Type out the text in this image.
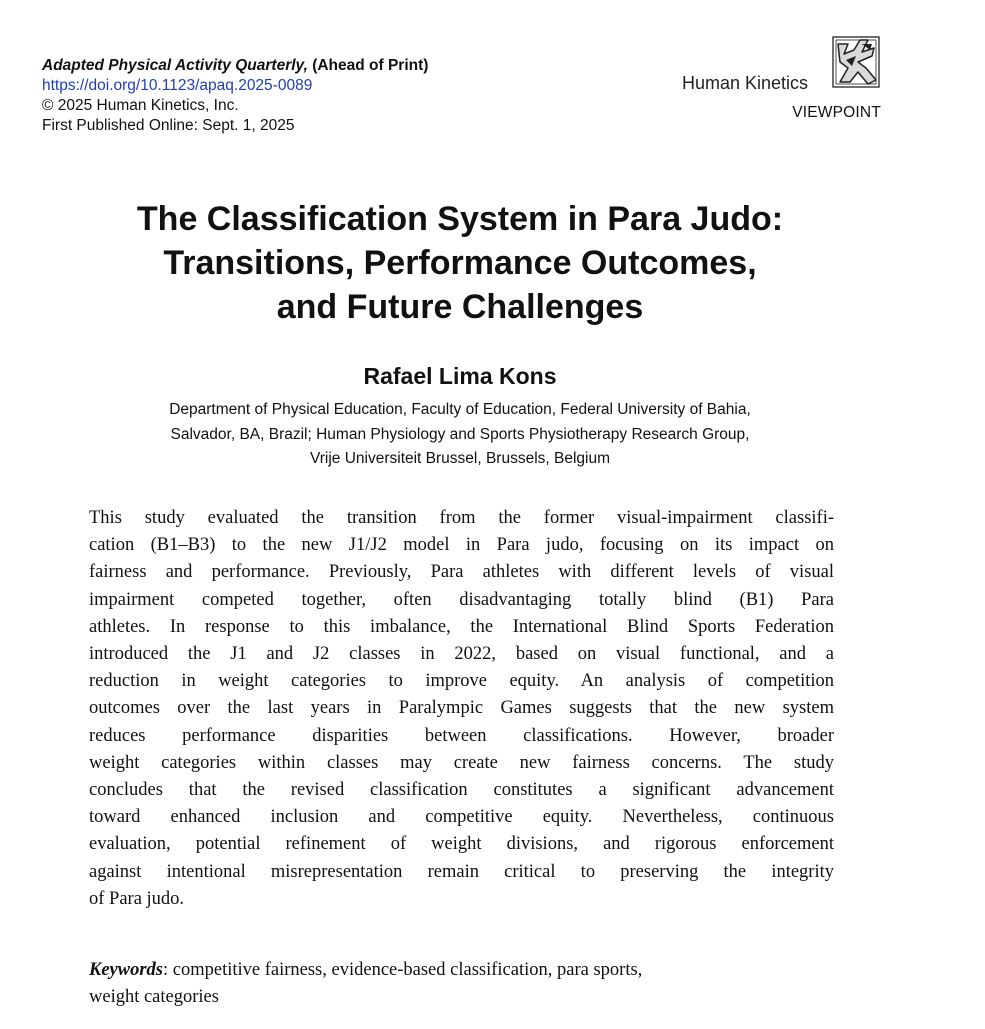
Adapted Physical Activity Quarterly, (Ahead of Print)
https://doi.org/10.1123/apaq.2025-0089
© 2025 Human Kinetics, Inc.
First Published Online: Sept. 1, 2025
Human Kinetics
VIEWPOINT
The Classification System in Para Judo:
Transitions, Performance Outcomes,
and Future Challenges
Rafael Lima Kons
Department of Physical Education, Faculty of Education, Federal University of Bahia,
Salvador, BA, Brazil; Human Physiology and Sports Physiotherapy Research Group,
Vrije Universiteit Brussel, Brussels, Belgium
This study evaluated the transition from the former visual-impairment classifi-
cation (B1–B3) to the new J1/J2 model in Para judo, focusing on its impact on
fairness and performance. Previously, Para athletes with different levels of visual
impairment competed together, often disadvantaging totally blind (B1) Para
athletes. In response to this imbalance, the International Blind Sports Federation
introduced the J1 and J2 classes in 2022, based on visual functional, and a
reduction in weight categories to improve equity. An analysis of competition
outcomes over the last years in Paralympic Games suggests that the new system
reduces performance disparities between classifications. However, broader
weight categories within classes may create new fairness concerns. The study
concludes that the revised classification constitutes a significant advancement
toward enhanced inclusion and competitive equity. Nevertheless, continuous
evaluation, potential refinement of weight divisions, and rigorous enforcement
against intentional misrepresentation remain critical to preserving the integrity
of Para judo.
Keywords: competitive fairness, evidence-based classification, para sports,
weight categories
